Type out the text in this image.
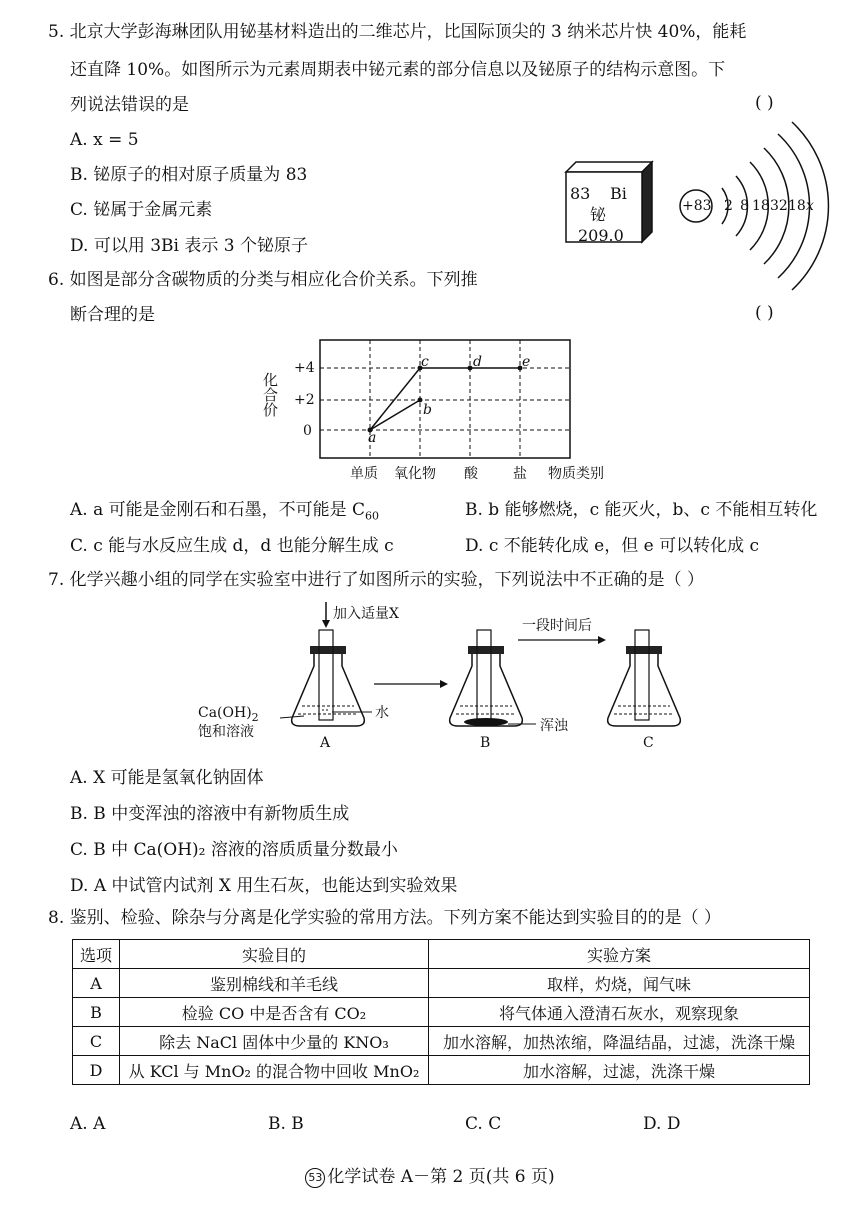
5. 北京大学彭海琳团队用铋基材料造出的二维芯片，比国际顶尖的 3 纳米芯片快 40%，能耗
还直降 10%。如图所示为元素周期表中铋元素的部分信息以及铋原子的结构示意图。下
列说法错误的是	( )
A. x = 5
B. 铋原子的相对原子质量为 83
C. 铋属于金属元素
D. 可以用 3Bi 表示 3 个铋原子
83 Bi
铋
209.0
+83 2 8 18 32 18 x
6. 如图是部分含碳物质的分类与相应化合价关系。下列推
断合理的是	( )
化合价
+4
+2
0	a
b
c	d	e
单质 氧化物 酸	盐 物质类别
A. a 可能是金刚石和石墨，不可能是 $C_{60}$	B. b 能够燃烧，c 能灭火，b、c 不能相互转化
C. c 能与水反应生成 d，d 也能分解生成 c	D. c 不能转化成 e，但 e 可以转化成 c
7. 化学兴趣小组的同学在实验室中进行了如图所示的实验，下列说法中不正确的是（ ）
加入适量X
一段时间后
水
$Ca(OH)_2$
饱和溶液	浑浊
A	B	C
A. X 可能是氢氧化钠固体
B. B 中变浑浊的溶液中有新物质生成
C. B 中 Ca(OH)₂ 溶液的溶质质量分数最小
D. A 中试管内试剂 X 用生石灰，也能达到实验效果
8. 鉴别、检验、除杂与分离是化学实验的常用方法。下列方案不能达到实验目的的是（ ）
选项	实验目的	实验方案
A	鉴别棉线和羊毛线	取样，灼烧，闻气味
B	检验 CO 中是否含有 CO₂	将气体通入澄清石灰水，观察现象
C	除去 NaCl 固体中少量的 KNO₃	加水溶解，加热浓缩，降温结晶，过滤，洗涤干燥
D	从 KCl 与 MnO₂ 的混合物中回收 MnO₂	加水溶解，过滤，洗涤干燥
A. A	B. B	C. C	D. D
53 化学试卷 A－第 2 页(共 6 页)
